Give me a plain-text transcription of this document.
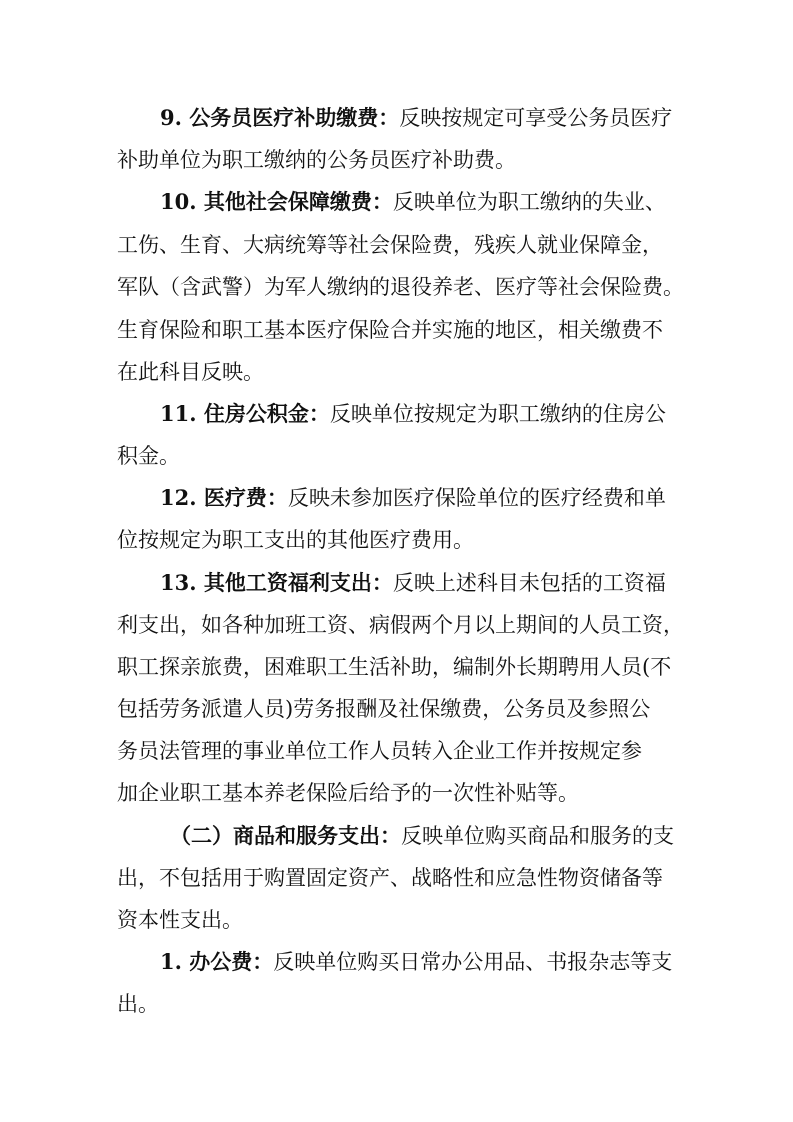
9. 公务员医疗补助缴费：反映按规定可享受公务员医疗
补助单位为职工缴纳的公务员医疗补助费。
10. 其他社会保障缴费：反映单位为职工缴纳的失业、
工伤、生育、大病统筹等社会保险费，残疾人就业保障金，
军队（含武警）为军人缴纳的退役养老、医疗等社会保险费。
生育保险和职工基本医疗保险合并实施的地区，相关缴费不
在此科目反映。
11. 住房公积金：反映单位按规定为职工缴纳的住房公
积金。
12. 医疗费：反映未参加医疗保险单位的医疗经费和单
位按规定为职工支出的其他医疗费用。
13. 其他工资福利支出：反映上述科目未包括的工资福
利支出，如各种加班工资、病假两个月以上期间的人员工资，
职工探亲旅费，困难职工生活补助，编制外长期聘用人员(不
包括劳务派遣人员)劳务报酬及社保缴费，公务员及参照公
务员法管理的事业单位工作人员转入企业工作并按规定参
加企业职工基本养老保险后给予的一次性补贴等。
（二）商品和服务支出：反映单位购买商品和服务的支
出，不包括用于购置固定资产、战略性和应急性物资储备等
资本性支出。
1. 办公费：反映单位购买日常办公用品、书报杂志等支
出。
